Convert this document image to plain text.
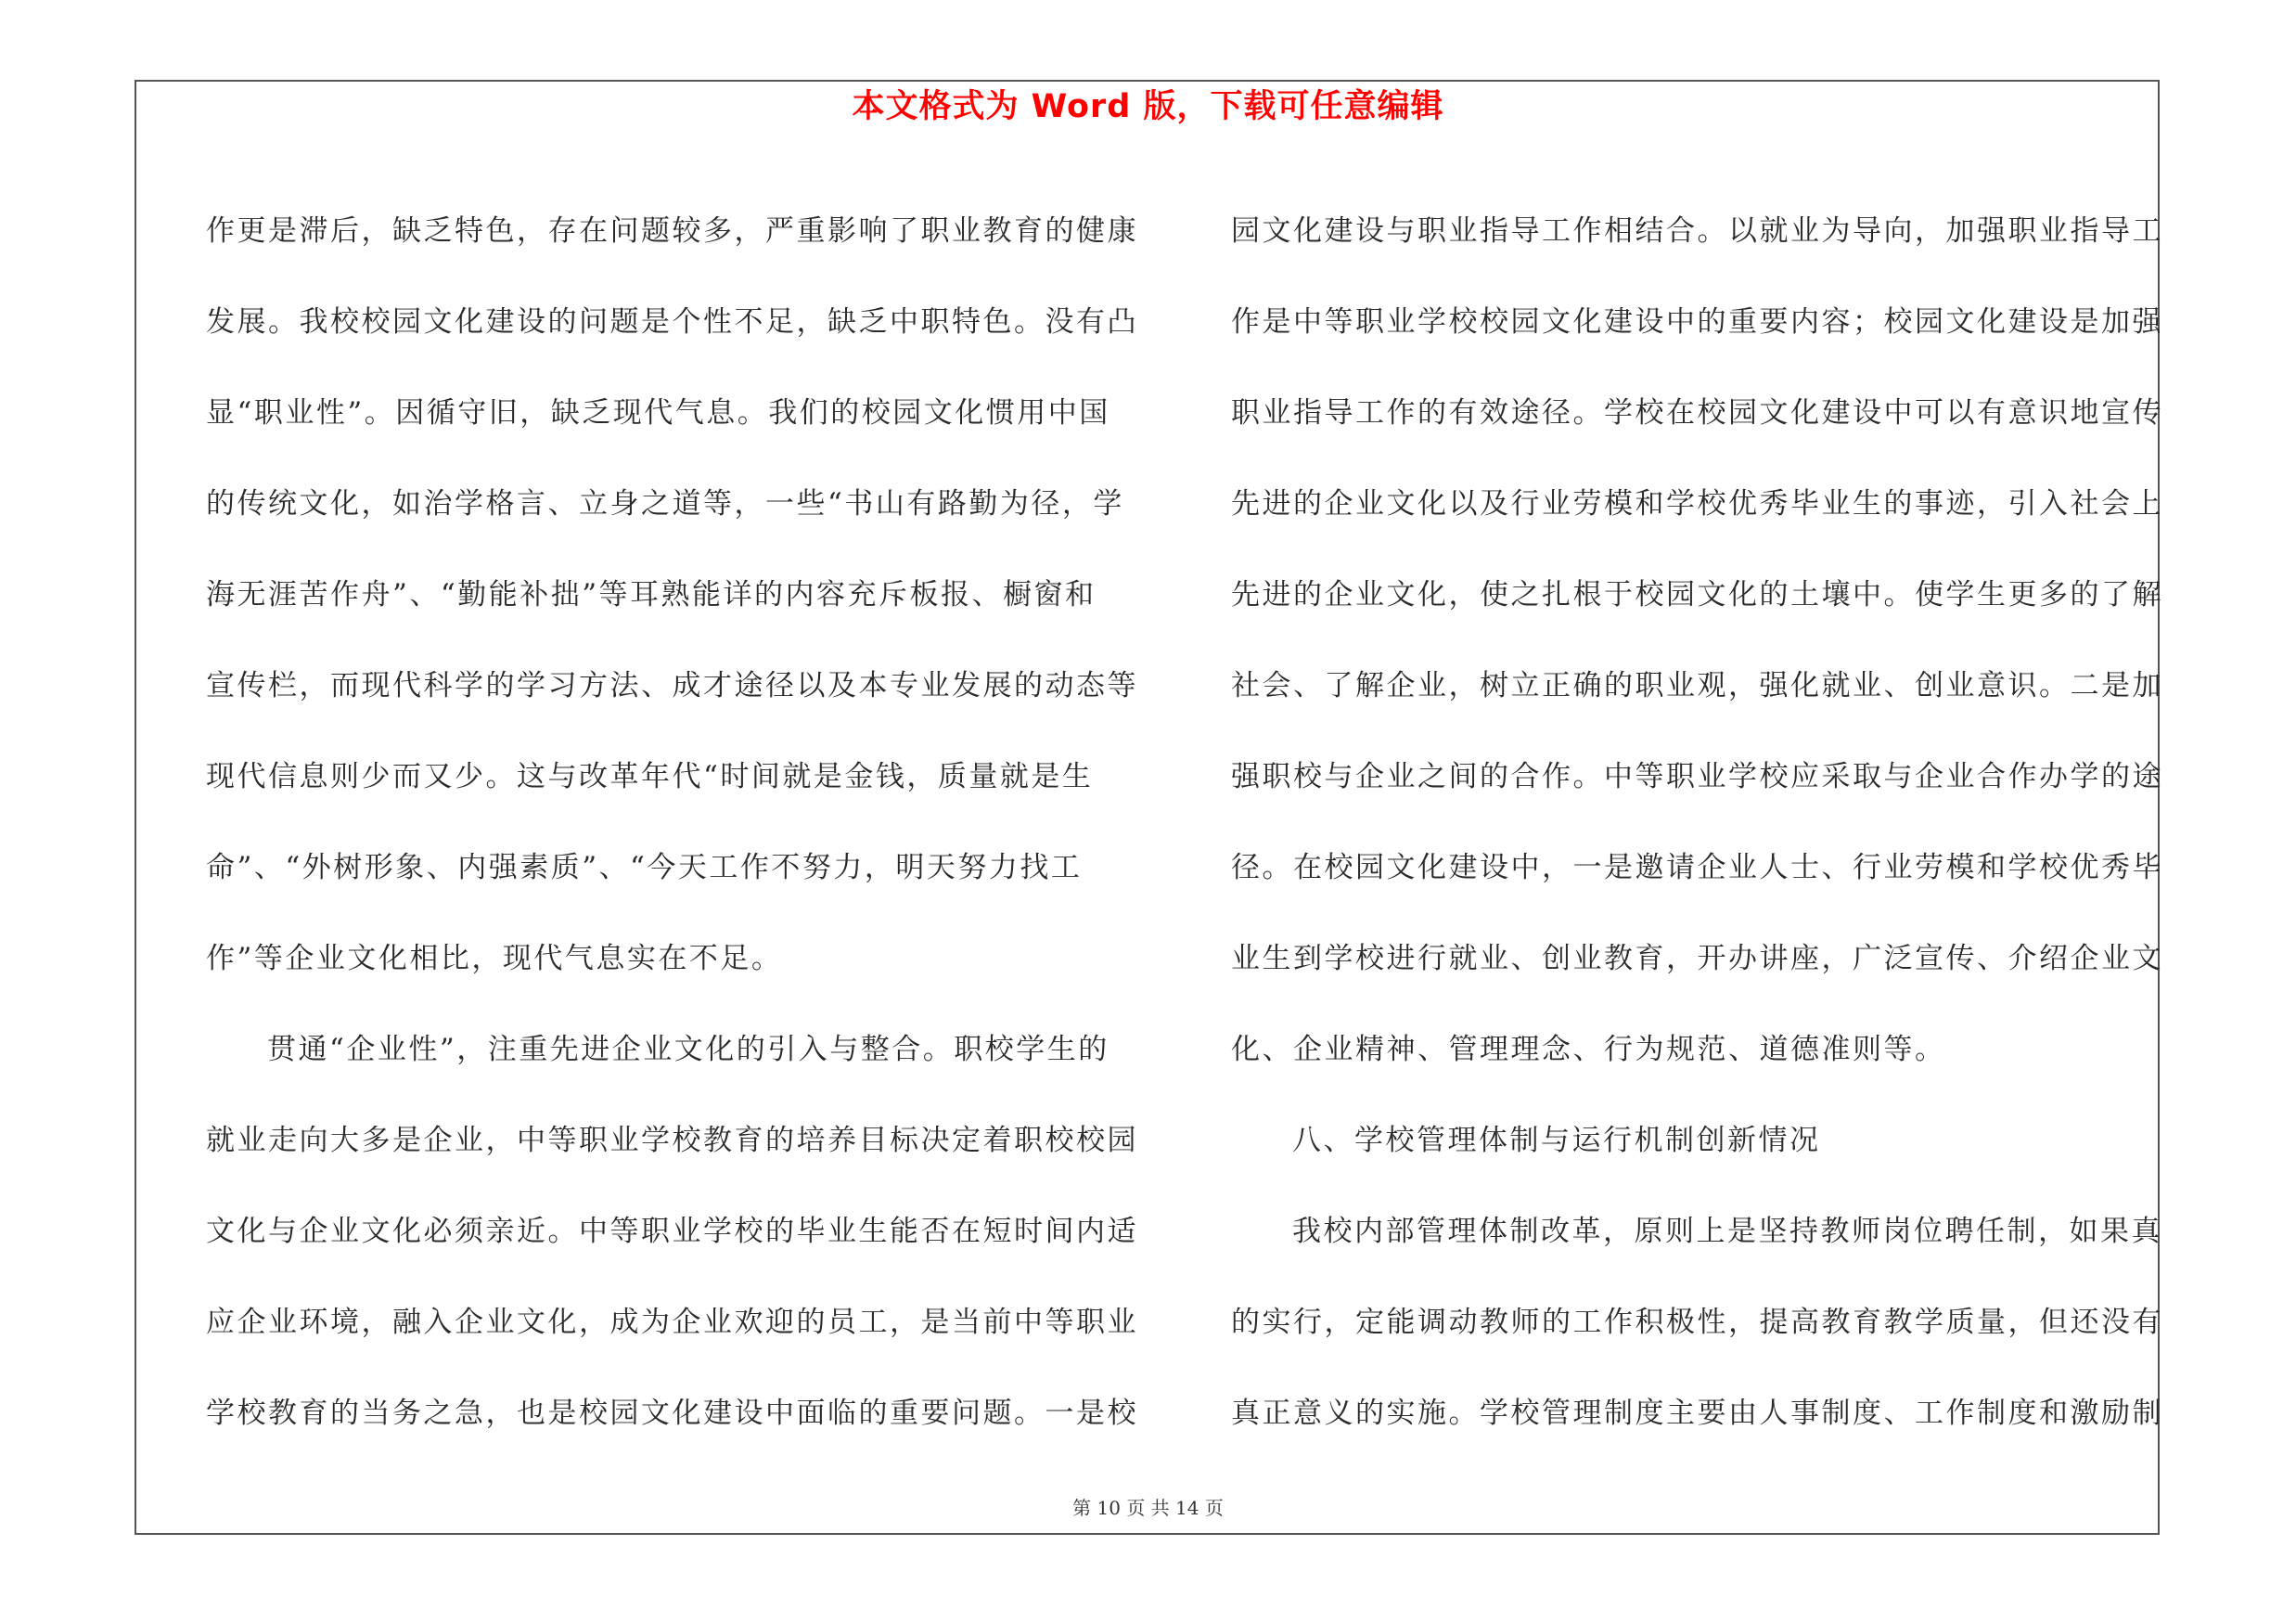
本文格式为 Word 版，下载可任意编辑
作更是滞后，缺乏特色，存在问题较多，严重影响了职业教育的健康
发展。我校校园文化建设的问题是个性不足，缺乏中职特色。没有凸
显“职业性”。因循守旧，缺乏现代气息。我们的校园文化惯用中国
的传统文化，如治学格言、立身之道等，一些“书山有路勤为径，学
海无涯苦作舟”、“勤能补拙”等耳熟能详的内容充斥板报、橱窗和
宣传栏，而现代科学的学习方法、成才途径以及本专业发展的动态等
现代信息则少而又少。这与改革年代“时间就是金钱，质量就是生
命”、“外树形象、内强素质”、“今天工作不努力，明天努力找工
作”等企业文化相比，现代气息实在不足。
贯通“企业性”，注重先进企业文化的引入与整合。职校学生的
就业走向大多是企业，中等职业学校教育的培养目标决定着职校校园
文化与企业文化必须亲近。中等职业学校的毕业生能否在短时间内适
应企业环境，融入企业文化，成为企业欢迎的员工，是当前中等职业
学校教育的当务之急，也是校园文化建设中面临的重要问题。一是校
园文化建设与职业指导工作相结合。以就业为导向，加强职业指导工
作是中等职业学校校园文化建设中的重要内容；校园文化建设是加强
职业指导工作的有效途径。学校在校园文化建设中可以有意识地宣传
先进的企业文化以及行业劳模和学校优秀毕业生的事迹，引入社会上
先进的企业文化，使之扎根于校园文化的土壤中。使学生更多的了解
社会、了解企业，树立正确的职业观，强化就业、创业意识。二是加
强职校与企业之间的合作。中等职业学校应采取与企业合作办学的途
径。在校园文化建设中，一是邀请企业人士、行业劳模和学校优秀毕
业生到学校进行就业、创业教育，开办讲座，广泛宣传、介绍企业文
化、企业精神、管理理念、行为规范、道德准则等。
八、学校管理体制与运行机制创新情况
我校内部管理体制改革，原则上是坚持教师岗位聘任制，如果真
的实行，定能调动教师的工作积极性，提高教育教学质量，但还没有
真正意义的实施。学校管理制度主要由人事制度、工作制度和激励制
第 10 页 共 14 页
